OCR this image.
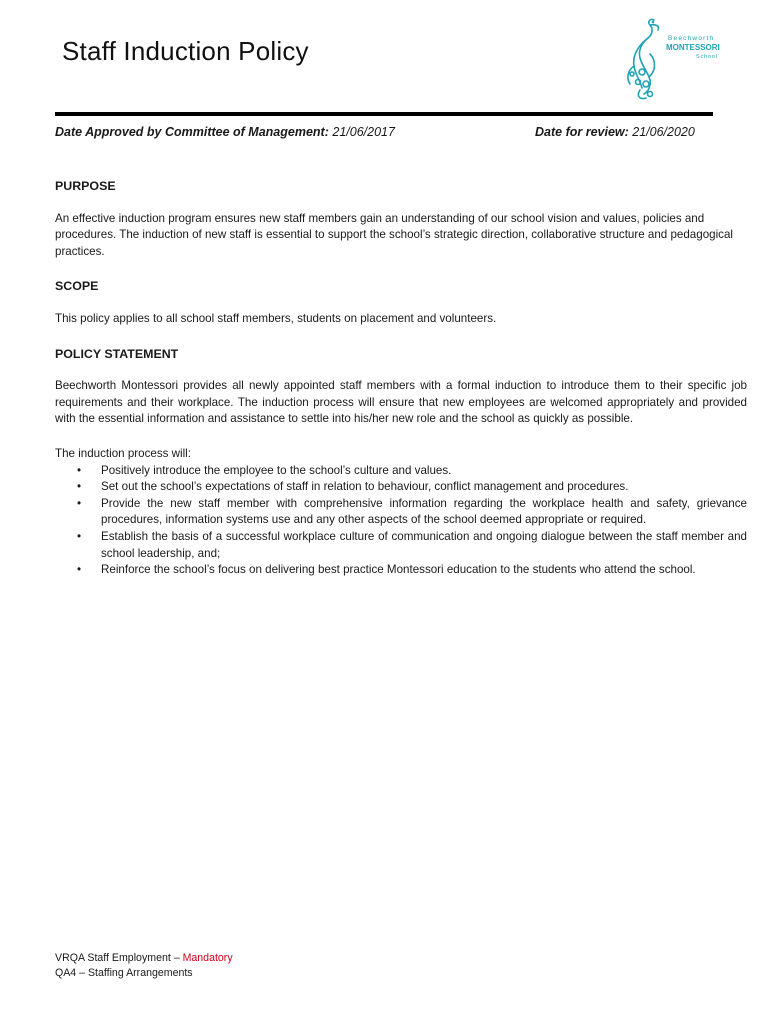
Staff Induction Policy	Beechworth
MONTESSORI
School
Date Approved by Committee of Management: 21/06/2017	Date for review: 21/06/2020
PURPOSE
An effective induction program ensures new staff members gain an understanding of our school vision and values, policies and procedures. The induction of new staff is essential to support the school’s strategic direction, collaborative structure and pedagogical practices.
SCOPE
This policy applies to all school staff members, students on placement and volunteers.
POLICY STATEMENT
Beechworth Montessori provides all newly appointed staff members with a formal induction to introduce them to their specific job requirements and their workplace. The induction process will ensure that new employees are welcomed appropriately and provided with the essential information and assistance to settle into his/her new role and the school as quickly as possible.
The induction process will:
• Positively introduce the employee to the school’s culture and values.
• Set out the school’s expectations of staff in relation to behaviour, conflict management and procedures.
• Provide the new staff member with comprehensive information regarding the workplace health and safety, grievance procedures, information systems use and any other aspects of the school deemed appropriate or required.
• Establish the basis of a successful workplace culture of communication and ongoing dialogue between the staff member and school leadership, and;
• Reinforce the school’s focus on delivering best practice Montessori education to the students who attend the school.
VRQA Staff Employment – Mandatory
QA4 – Staffing Arrangements
